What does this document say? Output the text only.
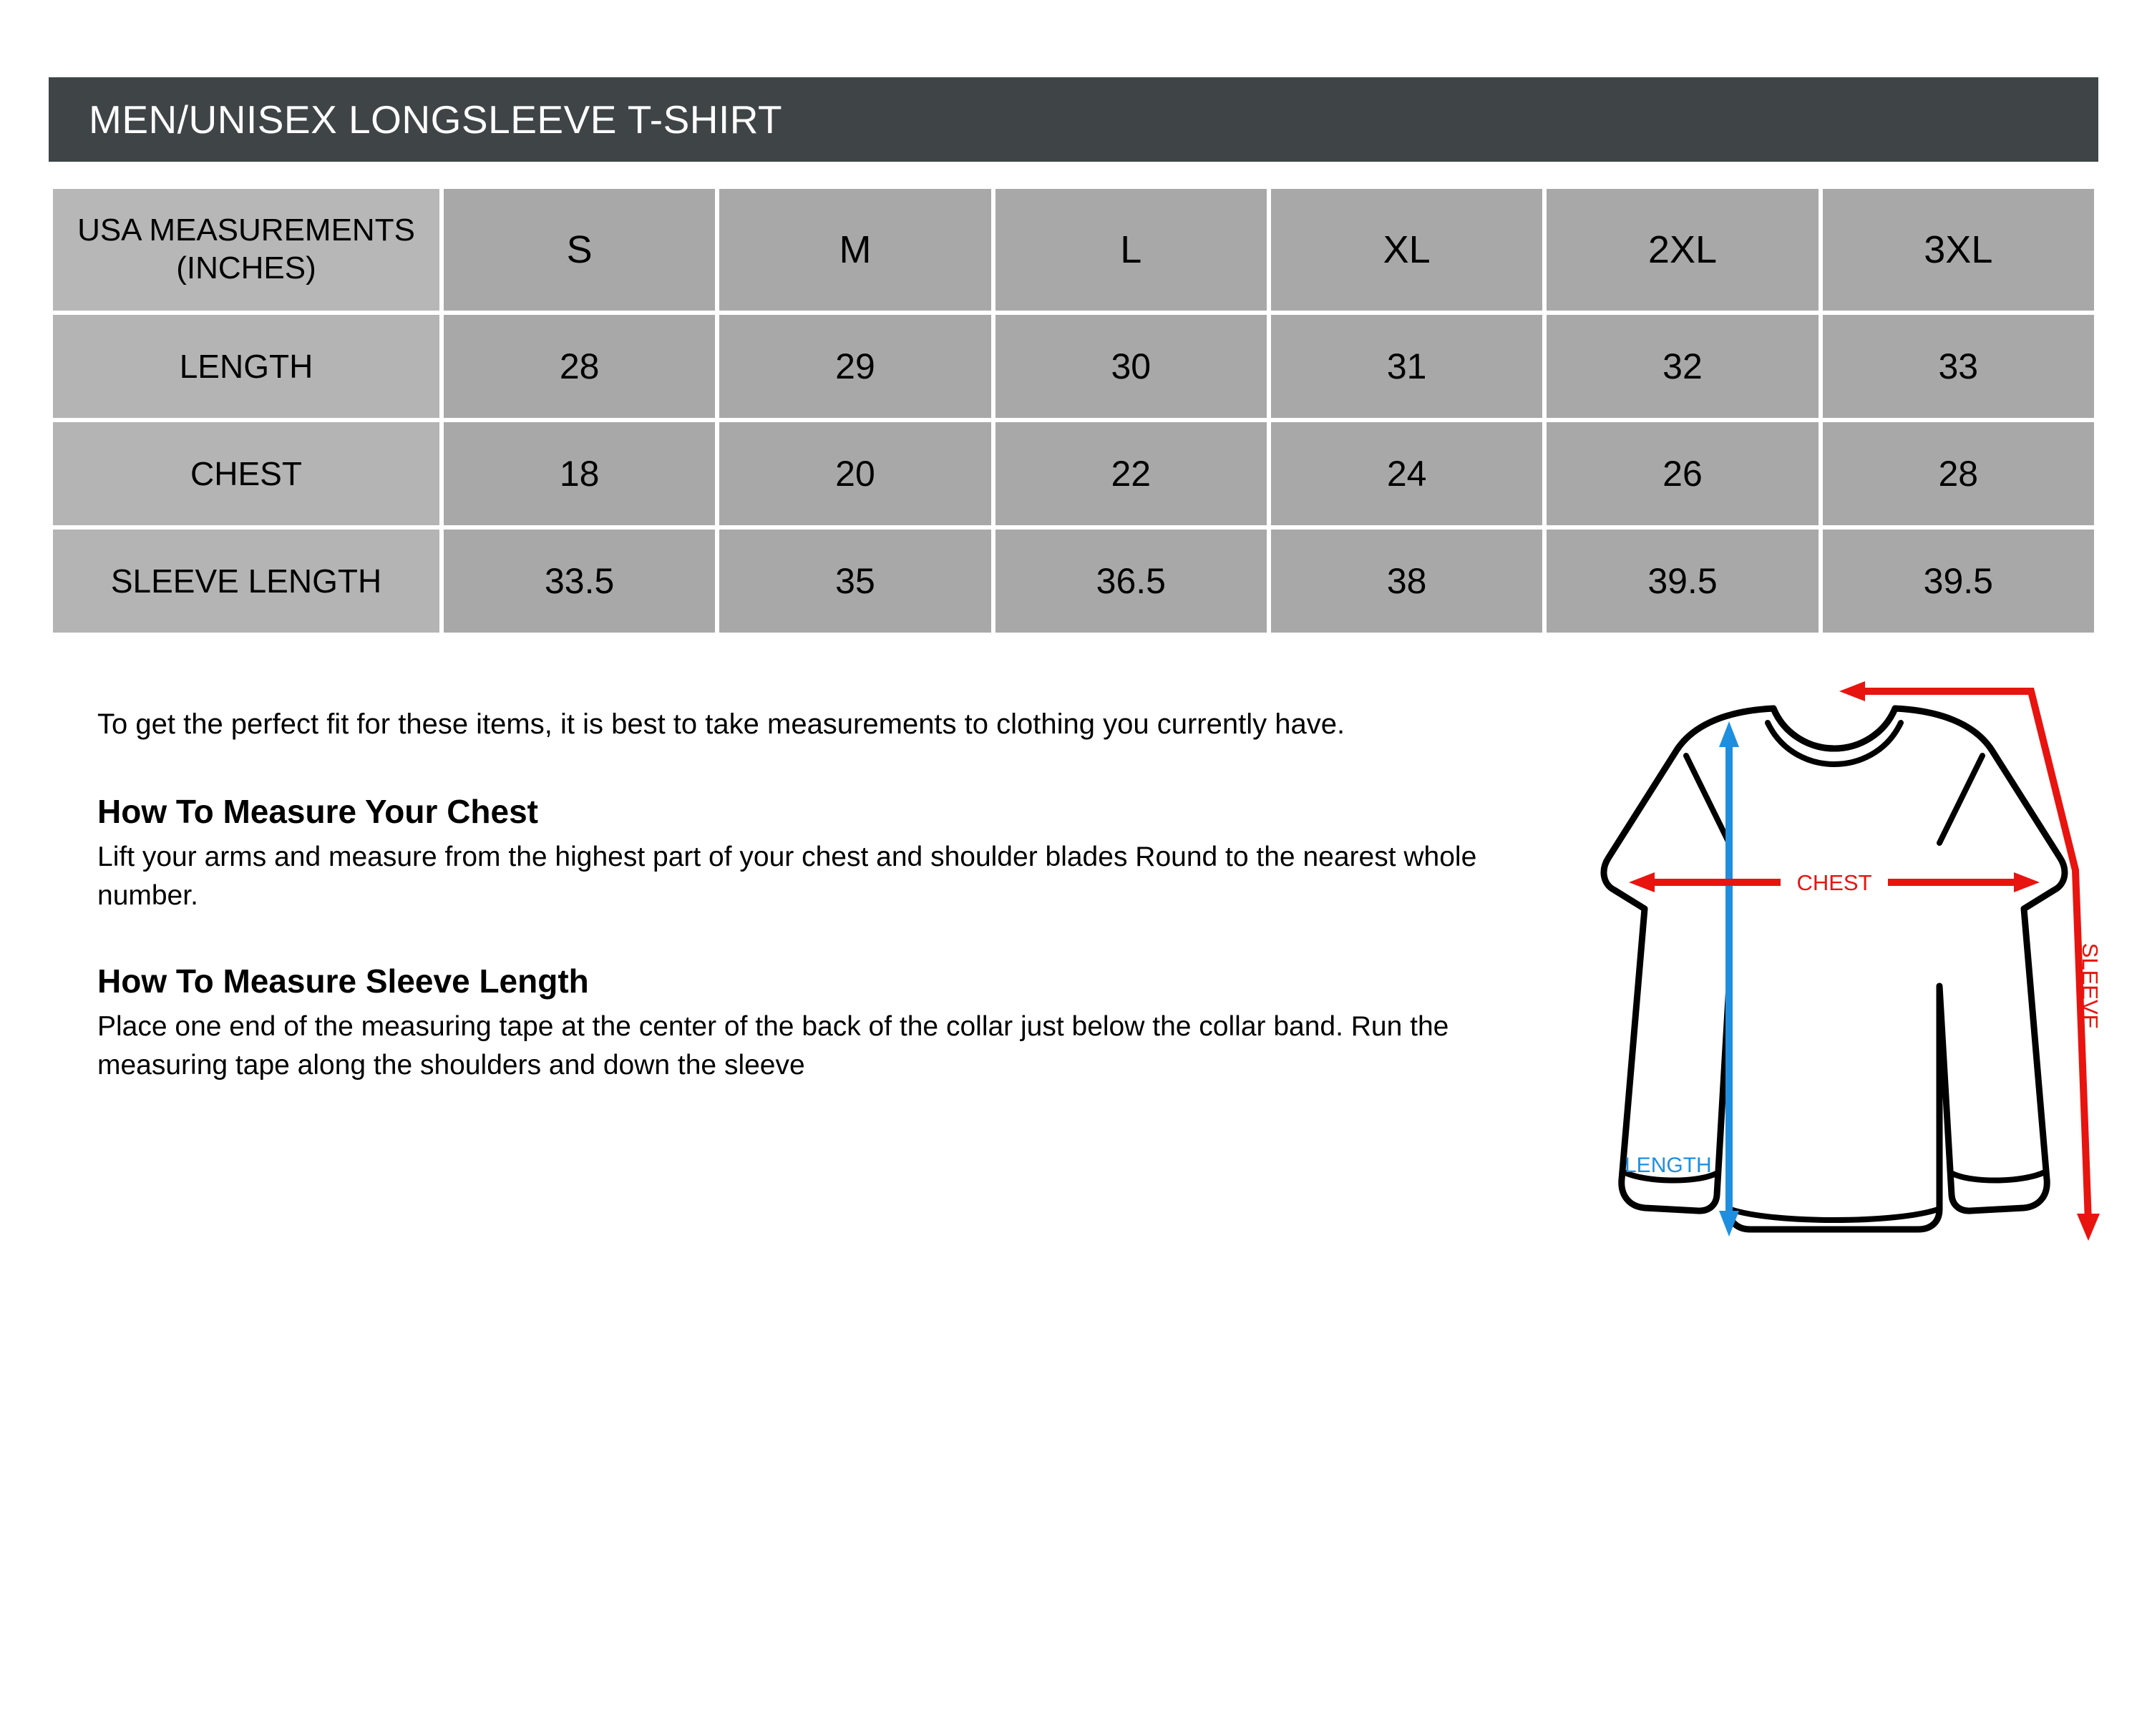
MEN/UNISEX LONGSLEEVE T-SHIRT
USA MEASUREMENTS (INCHES)	S	M	L	XL	2XL	3XL
LENGTH	28	29	30	31	32	33
CHEST	18	20	22	24	26	28
SLEEVE LENGTH	33.5	35	36.5	38	39.5	39.5

To get the perfect fit for these items, it is best to take measurements to clothing you currently have.

How To Measure Your Chest

Lift your arms and measure from the highest part of your chest and shoulder blades Round to the nearest whole number.

How To Measure Sleeve Length

Place one end of the measuring tape at the center of the back of the collar just below the collar band. Run the measuring tape along the shoulders and down the sleeve

LENGTH
CHEST
SLEEVE
